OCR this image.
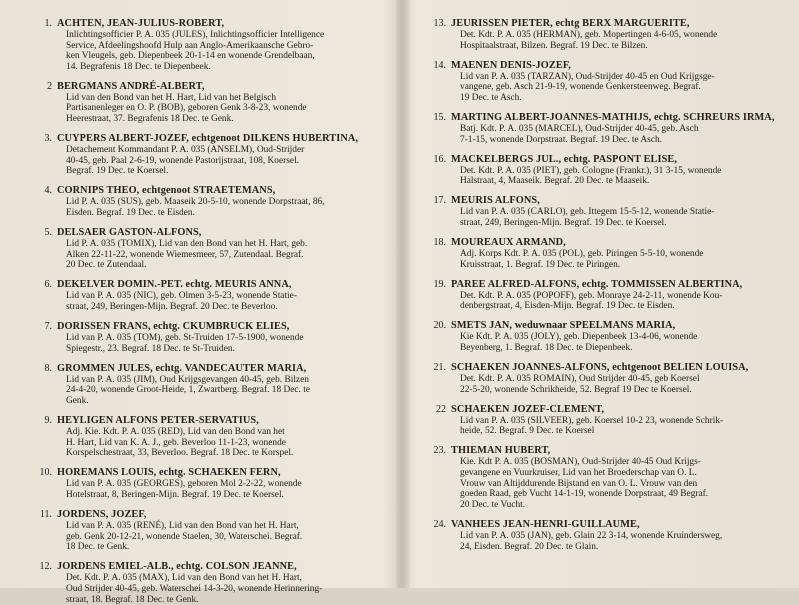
1. ACHTEN, JEAN-JULIUS-ROBERT,
Inlichtingsofficier P. A. 035 (JULES), Inlichtingsofficier Intelligence
Service, Afdeelingshoofd Hulp aan Anglo-Amerikaansche Gebro-
ken Vleugels, geb. Diepenbeek 20-1-14 en wonende Grendelbaan,
14. Begrafenis 18 Dec. te Diepenbeek.
2 BERGMANS ANDRÉ-ALBERT,
Lid van den Bond van het H. Hart, Lid van het Belgisch
Partisanenleger en O. P. (BOB), geboren Genk 3-8-23, wonende
Heerestraat, 37. Begrafenis 18 Dec. te Genk.
3. CUYPERS ALBERT-JOZEF, echtgenoot DILKENS HUBERTINA,
Detachement Kommandant P. A. 035 (ANSELM), Oud-Strijder
40-45, geb. Paal 2-6-19, wonende Pastorijstraat, 108, Koersel.
Begraf. 19 Dec. te Koersel.
4. CORNIPS THEO, echtgenoot STRAETEMANS,
Lid P. A. 035 (SUS), geb. Maaseik 20-5-10, wonende Dorpstraat, 86,
Eisden. Begraf. 19 Dec. te Eisden.
5. DELSAER GASTON-ALFONS,
Lid P. A. 035 (TOMIX), Lid van den Bond van het H. Hart, geb.
Alken 22-11-22, wonende Wiemesmeer, 57, Zutendaal. Begraf.
20 Dec. te Zutendaal.
6. DEKELVER DOMIN.-PET. echtg. MEURIS ANNA,
Lid van P. A. 035 (NIC), geb. Olmen 3-5-23, wonende Statie-
straat, 249, Beringen-Mijn. Begraf. 20 Dec. te Beverloo.
7. DORISSEN FRANS, echtg. CKUMBRUCK ELIES,
Lid van P. A. 035 (TOM), geb. St-Truiden 17-5-1900, wonende
Spiegestr., 23. Begraf. 18 Dec. te St-Truiden.
8. GROMMEN JULES, echtg. VANDECAUTER MARIA,
Lid van P. A. 035 (JIM), Oud Krijgsgevangen 40-45, geb. Bilzen
24-4-20, wonende Groot-Heide, 1, Zwartberg. Begraf. 18 Dec. te
Genk.
9. HEYLIGEN ALFONS PETER-SERVATIUS,
Adj. Kie. Kdt. P. A. 035 (RED), Lid van den Bond van het
H. Hart, Lid van K. A. J., geb. Beverloo 11-1-23, wonende
Korspelschestraat, 33, Beverloo. Begraf. 18 Dec. te Korspel.
10. HOREMANS LOUIS, echtg. SCHAEKEN FERN,
Lid van P. A. 035 (GEORGES), geboren Mol 2-2-22, wonende
Hotelstraat, 8, Beringen-Mijn. Begraf. 19 Dec. te Koersel.
11. JORDENS, JOZEF,
Lid van P. A. 035 (RENÉ), Lid van den Bond van het H. Hart,
geb. Genk 20-12-21, wonende Staelen, 30, Waterschei. Begraf.
18 Dec. te Genk.
12. JORDENS EMIEL-ALB., echtg. COLSON JEANNE,
Det. Kdt. P. A. 035 (MAX), Lid van den Bond van het H. Hart,
Oud Strijder 40-45, geb. Waterschei 14-3-20, wonende Herinnering-
straat, 18. Begraf. 18 Dec. te Genk.
13. JEURISSEN PIETER, echtg BERX MARGUERITE,
Det. Kdt. P. A. 035 (HERMAN), geb. Mopertingen 4-6-05, wonende
Hospitaalstraat, Bilzen. Begraf. 19 Dec. te Bilzen.
14. MAENEN DENIS-JOZEF,
Lid van P. A. 035 (TARZAN), Oud-Strijder 40-45 en Oud Krijgsge-
vangene, geb. Asch 21-9-19, wonende Genkersteenweg. Begraf.
19 Dec. te Asch.
15. MARTING ALBERT-JOANNES-MATHIJS, echtg. SCHREURS IRMA,
Batj. Kdt. P. A. 035 (MARCEL), Oud-Strijder 40-45, geb. Asch
7-1-15, wonende Dorpstraat. Begraf. 19 Dec. te Asch.
16. MACKELBERGS JUL., echtg. PASPONT ELISE,
Det. Kdt. P. A. 035 (PIET), geb. Cologne (Frankr.), 31 3-15, wonende
Halstraat, 4, Maaseik. Begraf. 20 Dec. te Maaseik.
17. MEURIS ALFONS,
Lid van P. A. 035 (CARLO), geb. Ittegem 15-5-12, wonende Statie-
straat, 249, Beringen-Mijn. Begraf. 19 Dec. te Koersel.
18. MOUREAUX ARMAND,
Adj. Korps Kdt. P. A. 035 (POL), geb. Piringen 5-5-10, wonende
Kruisstraat, 1. Begraf. 19 Dec. te Piringen.
19. PAREE ALFRED-ALFONS, echtg. TOMMISSEN ALBERTINA,
Det. Kdt. P. A. 035 (POPOFF), geb. Monraye 24-2-11, wonende Kou-
denbergstraat, 4, Eisden-Mijn. Begraf. 19 Dec. te Eisden.
20. SMETS JAN, weduwnaar SPEELMANS MARIA,
Kie Kdt. P. A. 035 (JOLY), geb. Diepenbeek 13-4-06, wonende
Beyenberg, 1. Begraf. 18 Dec. te Diepenbeek.
21. SCHAEKEN JOANNES-ALFONS, echtgenoot BELIEN LOUISA,
Det. Kdt. P. A. 035 ROMAIN), Oud Strijder 40-45, geb Koersel
22-5-20, wonende Schrikheide, 52. Begraf 19 Dec te Koersel.
22 SCHAEKEN JOZEF-CLEMENT,
Lid van P. A. 035 (SILVEER), geb. Koersel 10-2 23, wonende Schrik-
heide, 52. Begraf. 9 Dec. te Koersel
23. THIEMAN HUBERT,
Kie. Kdt P. A. 035 (BOSMAN), Oud-Strijder 40-45 Oud Krijgs-
gevangene en Vuurkruiser, Lid van het Broederschap van O. L.
Vrouw van Altijddurende Bijstand en van O. L. Vrouw van den
goeden Raad, geb Vucht 14-1-19, wonende Dorpstraat, 49 Begraf.
20 Dec. te Vucht.
24. VANHEES JEAN-HENRI-GUILLAUME,
Lid van P. A. 035 (JAN), geb. Glain 22 3-14, wonende Kruindersweg,
24, Eisden. Begraf. 20 Dec. te Glain.
